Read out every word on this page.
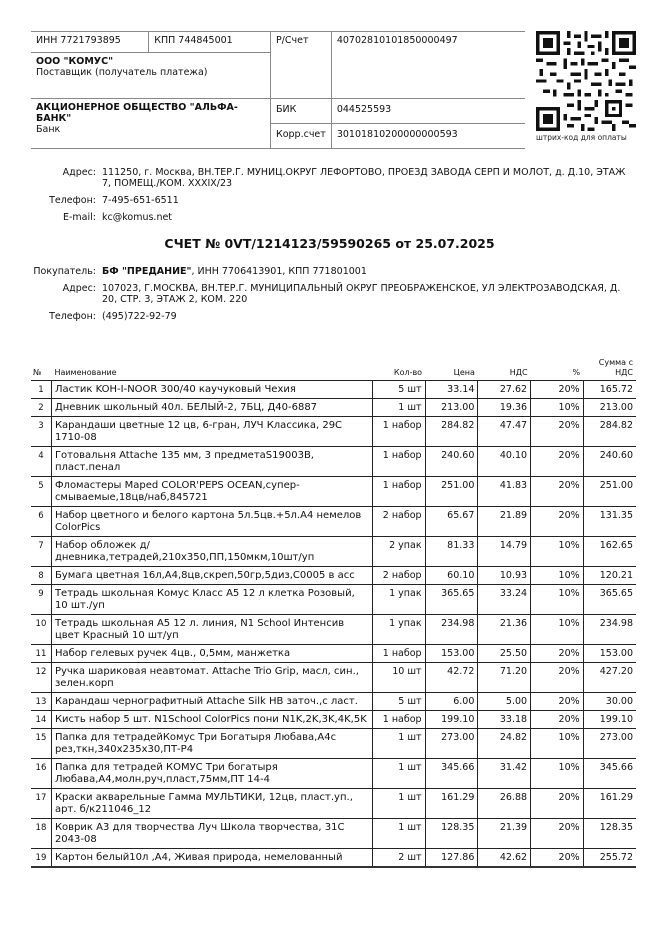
ИНН 7721793895	КПП 744845001	Р/Счет	40702810101850000497

ООО "КОМУС"
Поставщик (получатель платежа)			

АКЦИОНЕРНОЕ ОБЩЕСТВО "АЛЬФА-БАНК"
Банк		БИК	044525593
		Корр.счет	30101810200000000593	штрих-код для оплаты
Адрес: 111250, г. Москва, ВН.ТЕР.Г. МУНИЦ.ОКРУГ ЛЕФОРТОВО, ПРОЕЗД ЗАВОДА СЕРП И МОЛОТ, д. Д.10, ЭТАЖ
7, ПОМЕЩ./КОМ. XXXIX/23
Телефон: 7-495-651-6511
E-mail: kc@komus.net
СЧЕТ № 0VT/1214123/59590265 от 25.07.2025
Покупатель: БФ "ПРЕДАНИЕ", ИНН 7706413901, КПП 771801001
Адрес: 107023, Г.МОСКВА, ВН.ТЕР.Г. МУНИЦИПАЛЬНЫЙ ОКРУГ ПРЕОБРАЖЕНСКОЕ, УЛ ЭЛЕКТРОЗАВОДСКАЯ, Д.
20, СТР. 3, ЭТАЖ 2, КОМ. 220
Телефон: (495)722-92-79
№	Наименование	Кол-во	Цена	НДС	%	Сумма с
НДС
1	Ластик KOH-I-NOOR 300/40 каучуковый Чехия	5 шт	33.14	27.62	20%	165.72
2	Дневник школьный 40л. БЕЛЫЙ-2, 7БЦ, Д40-6887	1 шт	213.00	19.36	10%	213.00
3	Карандаши цветные 12 цв, 6-гран, ЛУЧ Классика, 29С 1710-08	1 набор	284.82	47.47	20%	284.82
4	Готовальня Attache 135 мм, 3 предметаS19003B, пласт.пенал	1 набор	240.60	40.10	20%	240.60
5	Фломастеры Maped COLOR'PEPS OCEAN,супер-смываемые,18цв/наб,845721	1 набор	251.00	41.83	20%	251.00
6	Набор цветного и белого картона 5л.5цв.+5л.А4 немелов ColorPics	2 набор	65.67	21.89	20%	131.35
7	Набор обложек д/ дневника,тетрадей,210х350,ПП,150мкм,10шт/уп	2 упак	81.33	14.79	10%	162.65
8	Бумага цветная 16л,А4,8цв,скреп,50гр,5диз,С0005 в асс	2 набор	60.10	10.93	10%	120.21
9	Тетрадь школьная Комус Класс А5 12 л клетка Розовый, 10 шт./уп	1 упак	365.65	33.24	10%	365.65
10	Тетрадь школьная А5 12 л. линия, N1 School Интенсив цвет Красный 10 шт/уп	1 упак	234.98	21.36	10%	234.98
11	Набор гелевых ручек 4цв., 0,5мм, манжетка	1 набор	153.00	25.50	20%	153.00
12	Ручка шариковая неавтомат. Attache Trio Grip, масл, син., зелен.корп	10 шт	42.72	71.20	20%	427.20
13	Карандаш чернографитный Attache Silk HB заточ.,с ласт.	5 шт	6.00	5.00	20%	30.00
14	Кисть набор 5 шт. N1School ColorPics пони N1K,2K,3K,4K,5K	1 набор	199.10	33.18	20%	199.10
15	Папка для тетрадейКомус Три Богатыря Любава,А4с рез,ткн,340х235х30,ПТ-Р4	1 шт	273.00	24.82	10%	273.00
16	Папка для тетрадей КОМУС Три богатыря Любава,А4,молн,руч,пласт,75мм,ПТ 14-4	1 шт	345.66	31.42	10%	345.66
17	Краски акварельные Гамма МУЛЬТИКИ, 12цв, пласт.уп., арт. б/к211046_12	1 шт	161.29	26.88	20%	161.29
18	Коврик А3 для творчества Луч Школа творчества, 31С 2043-08	1 шт	128.35	21.39	20%	128.35
19	Картон белый10л ,А4, Живая природа, немелованный	2 шт	127.86	42.62	20%	255.72
